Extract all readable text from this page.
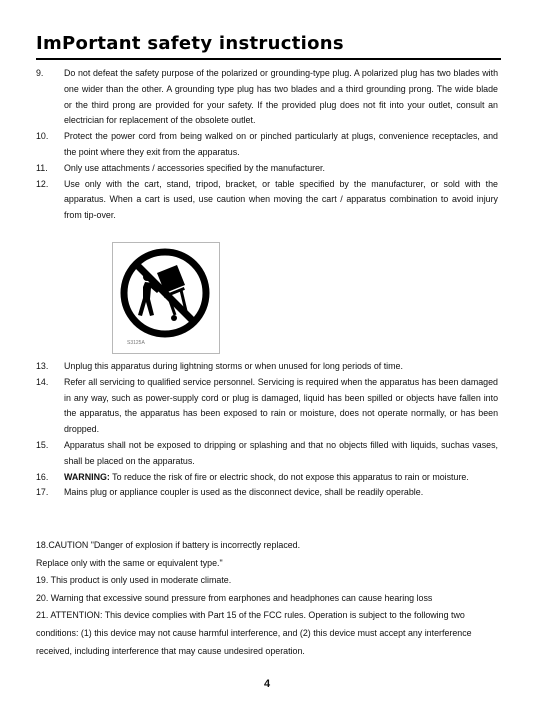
ImPortant safety instructions
9.	Do not defeat the safety purpose of the polarized or grounding-type plug. A polarized plug has two blades with one wider than the other. A grounding type plug has two blades and a third grounding prong. The wide blade or the third prong are provided for your safety. If the provided plug does not fit into your outlet, consult an electrician for replacement of the obsolete outlet.
10.	Protect the power cord from being walked on or pinched particularly at plugs, convenience receptacles, and the point where they exit from the apparatus.
11.	Only use attachments / accessories specified by the manufacturer.
12.	Use only with the cart, stand, tripod, bracket, or table specified by the manufacturer, or sold with the apparatus. When a cart is used, use caution when moving the cart / apparatus combination to avoid injury from tip-over.
S3125A
13.	Unplug this apparatus during lightning storms or when unused for long periods of time.
14.	Refer all servicing to qualified service personnel. Servicing is required when the apparatus has been damaged in any way, such as power-supply cord or plug is damaged, liquid has been spilled or objects have fallen into the apparatus, the apparatus has been exposed to rain or moisture, does not operate normally, or has been dropped.
15.	Apparatus shall not be exposed to dripping or splashing and that no objects filled with liquids, suchas vases, shall be placed on the apparatus.
16.	WARNING: To reduce the risk of fire or electric shock, do not expose this apparatus to rain or moisture.
17.	Mains plug or appliance coupler is used as the disconnect device, shall be readily operable.
18.CAUTION "Danger of explosion if battery is incorrectly replaced.
Replace only with the same or equivalent type."
19. This product is only used in moderate climate.
20. Warning that excessive sound pressure from earphones and headphones can cause hearing loss
21. ATTENTION: This device complies with Part 15 of the FCC rules. Operation is subject to the following two conditions: (1) this device may not cause harmful interference, and (2) this device must accept any interference received, including interference that may cause undesired operation.
4
